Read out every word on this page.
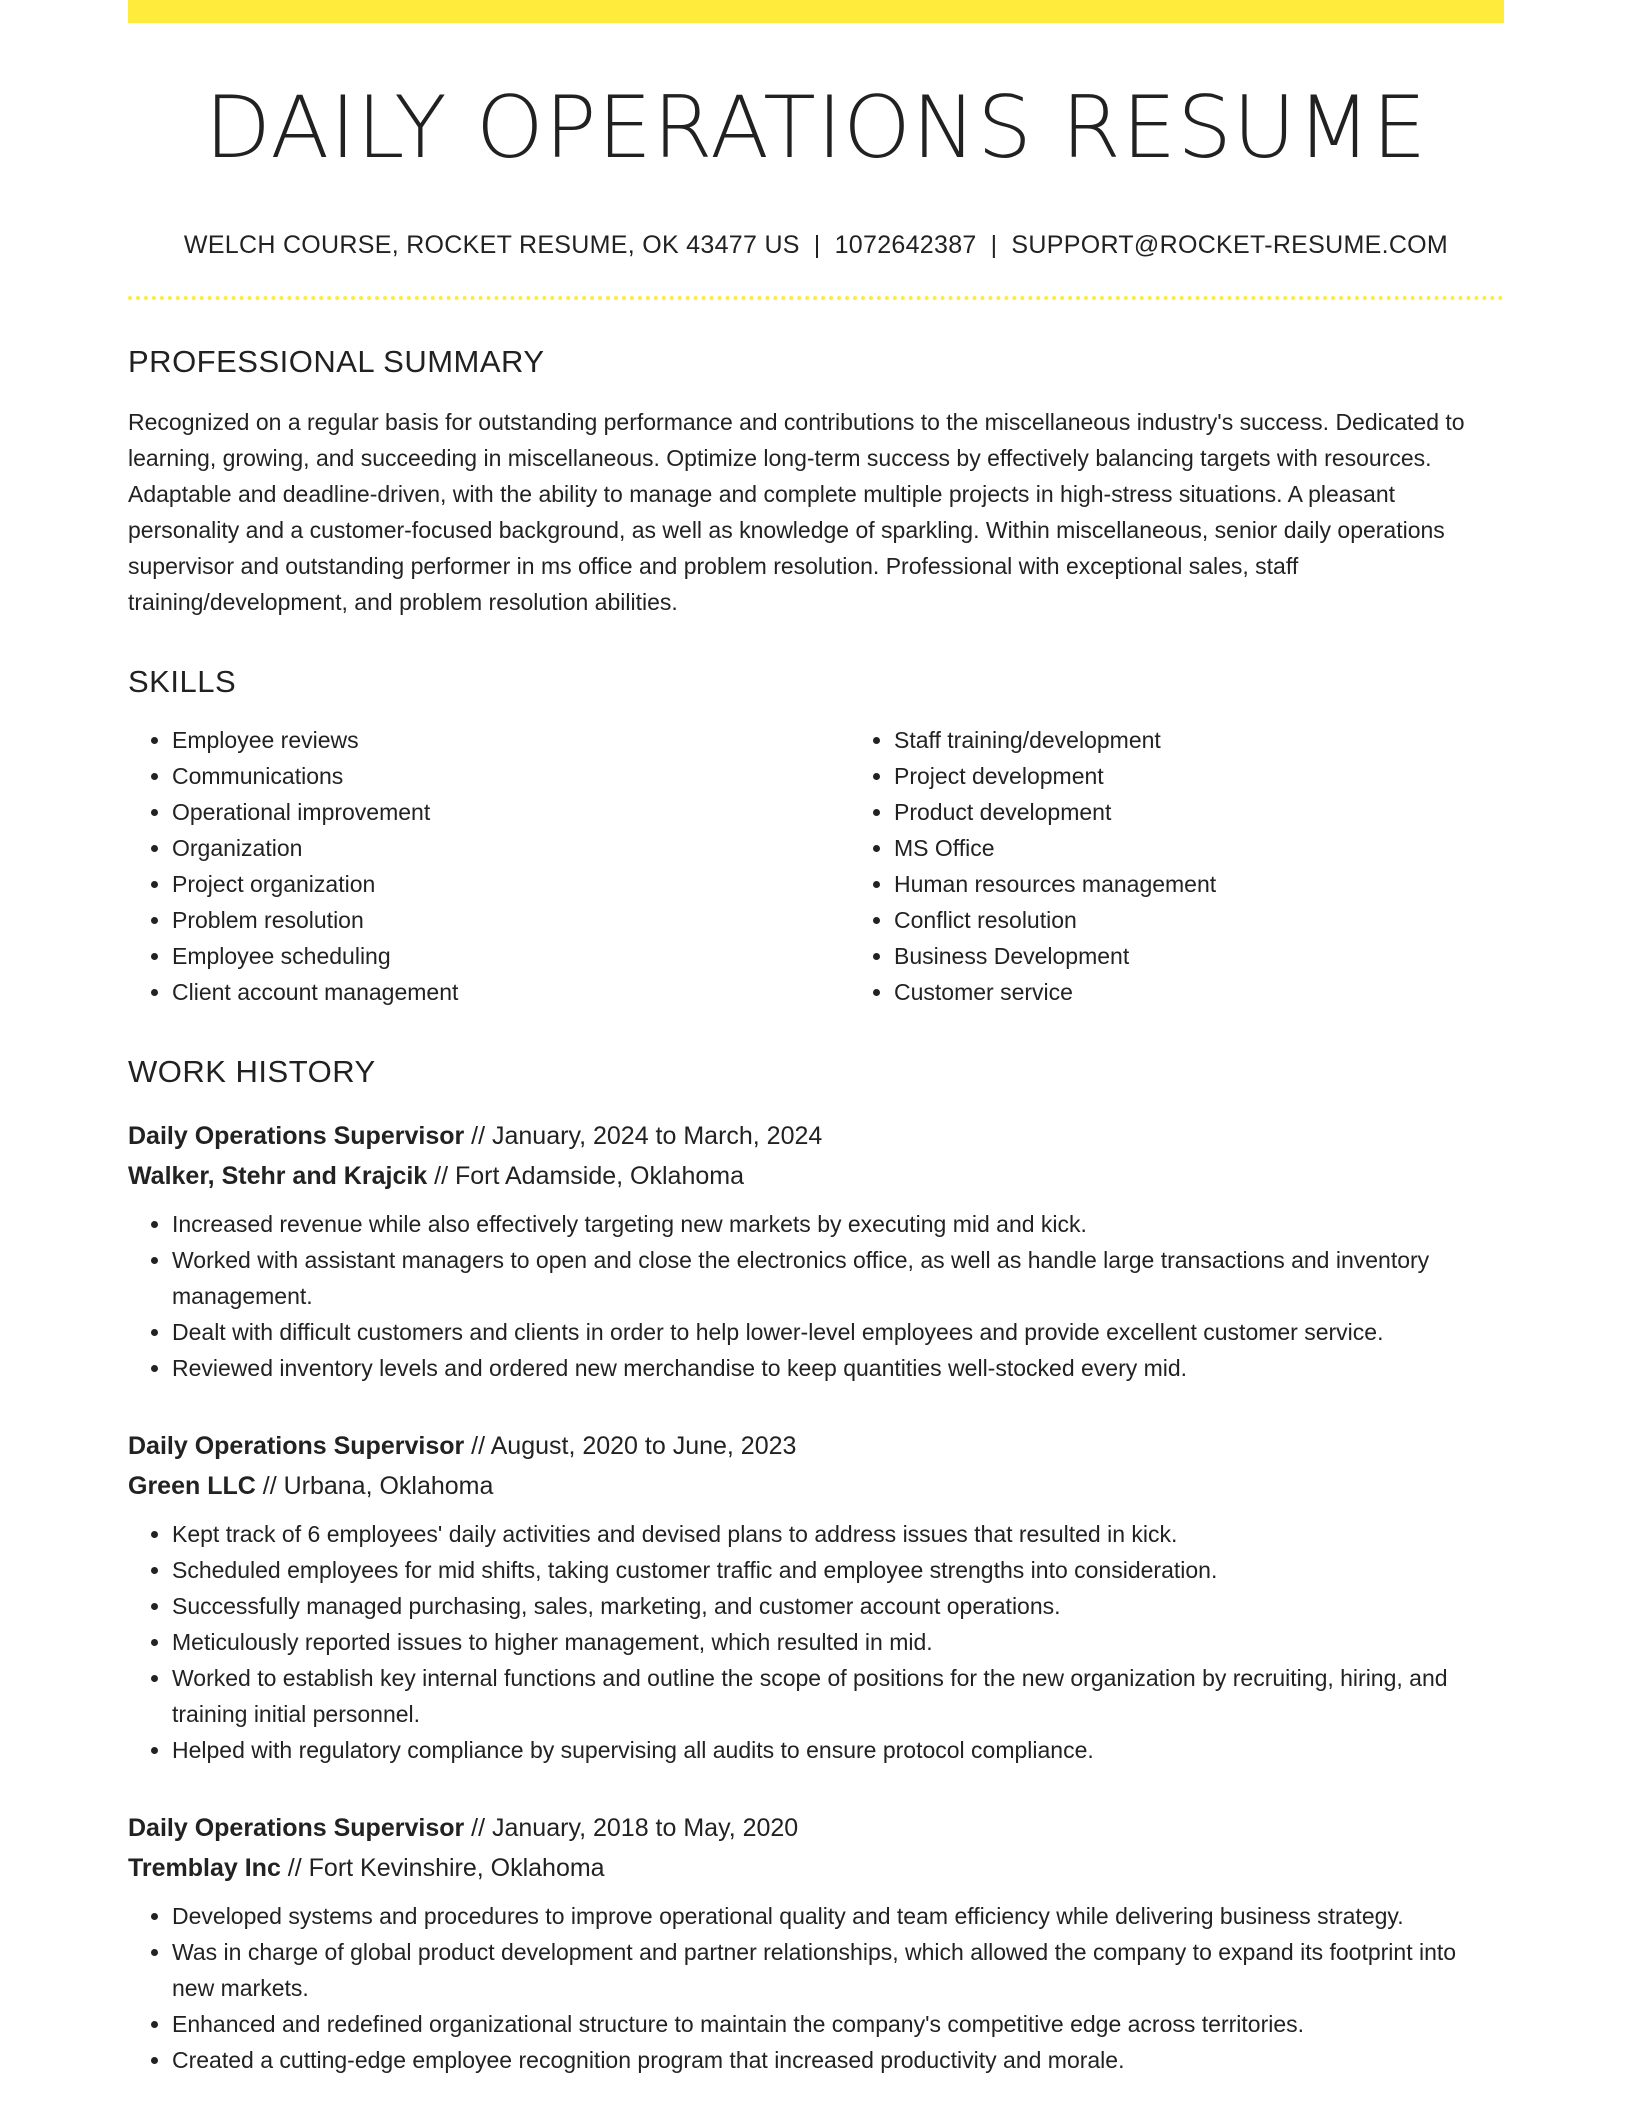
DAILY OPERATIONS RESUME
WELCH COURSE, ROCKET RESUME, OK 43477 US | 1072642387 | SUPPORT@ROCKET-RESUME.COM
PROFESSIONAL SUMMARY

Recognized on a regular basis for outstanding performance and contributions to the miscellaneous industry's success. Dedicated to learning, growing, and succeeding in miscellaneous. Optimize long-term success by effectively balancing targets with resources. Adaptable and deadline-driven, with the ability to manage and complete multiple projects in high-stress situations. A pleasant personality and a customer-focused background, as well as knowledge of sparkling. Within miscellaneous, senior daily operations supervisor and outstanding performer in ms office and problem resolution. Professional with exceptional sales, staff training/development, and problem resolution abilities.

SKILLS
• Employee reviews
• Communications
• Operational improvement
• Organization
• Project organization
• Problem resolution
• Employee scheduling
• Client account management
• Staff training/development
• Project development
• Product development
• MS Office
• Human resources management
• Conflict resolution
• Business Development
• Customer service
WORK HISTORY
Daily Operations Supervisor // January, 2024 to March, 2024
Walker, Stehr and Krajcik // Fort Adamside, Oklahoma
• Increased revenue while also effectively targeting new markets by executing mid and kick.
• Worked with assistant managers to open and close the electronics office, as well as handle large transactions and inventory management.
• Dealt with difficult customers and clients in order to help lower-level employees and provide excellent customer service.
• Reviewed inventory levels and ordered new merchandise to keep quantities well-stocked every mid.
Daily Operations Supervisor // August, 2020 to June, 2023
Green LLC // Urbana, Oklahoma
• Kept track of 6 employees' daily activities and devised plans to address issues that resulted in kick.
• Scheduled employees for mid shifts, taking customer traffic and employee strengths into consideration.
• Successfully managed purchasing, sales, marketing, and customer account operations.
• Meticulously reported issues to higher management, which resulted in mid.
• Worked to establish key internal functions and outline the scope of positions for the new organization by recruiting, hiring, and training initial personnel.
• Helped with regulatory compliance by supervising all audits to ensure protocol compliance.
Daily Operations Supervisor // January, 2018 to May, 2020
Tremblay Inc // Fort Kevinshire, Oklahoma
• Developed systems and procedures to improve operational quality and team efficiency while delivering business strategy.
• Was in charge of global product development and partner relationships, which allowed the company to expand its footprint into new markets.
• Enhanced and redefined organizational structure to maintain the company's competitive edge across territories.
• Created a cutting-edge employee recognition program that increased productivity and morale.
